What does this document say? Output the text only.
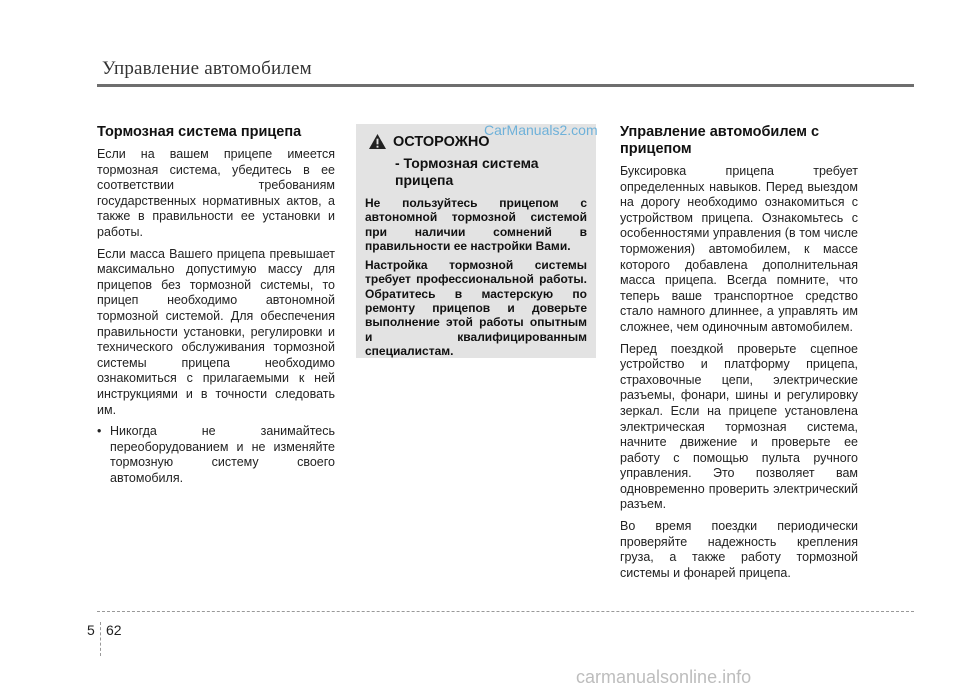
Управление автомобилем
Тормозная система прицепа

Если на вашем прицепе имеется тормозная система, убедитесь в ее соответствии требованиям государственных нормативных актов, а также в правильности ее установки и работы.

Если масса Вашего прицепа превышает максимально допустимую массу для прицепов без тормозной системы, то прицеп необходимо автономной тормозной системой. Для обеспечения правильности установки, регулировки и технического обслуживания тормозной системы прицепа необходимо ознакомиться с прилагаемыми к ней инструкциями и в точности следовать им.

• Никогда не занимайтесь переоборудованием и не изменяйте тормозную систему своего автомобиля.
ОСТОРОЖНО
- Тормозная система прицепа

Не пользуйтесь прицепом с автономной тормозной системой при наличии сомнений в правильности ее настройки Вами.

Настройка тормозной системы требует профессиональной работы. Обратитесь в мастерскую по ремонту прицепов и доверьте выполнение этой работы опытным и квалифицированным специалистам.

CarManuals2.com Управление автомобилем с прицепом

Буксировка прицепа требует определенных навыков. Перед выездом на дорогу необходимо ознакомиться с устройством прицепа. Ознакомьтесь с особенностями управления (в том числе торможения) автомобилем, к массе которого добавлена дополнительная масса прицепа. Всегда помните, что теперь ваше транспортное средство стало намного длиннее, а управлять им сложнее, чем одиночным автомобилем.

Перед поездкой проверьте сцепное устройство и платформу прицепа, страховочные цепи, электрические разъемы, фонари, шины и регулировку зеркал. Если на прицепе установлена электрическая тормозная система, начните движение и проверьте ее работу с помощью пульта ручного управления. Это позволяет вам одновременно проверить электрический разъем.

Во время поездки периодически проверяйте надежность крепления груза, а также работу тормозной системы и фонарей прицепа.

5 62
carmanualsonline.info
